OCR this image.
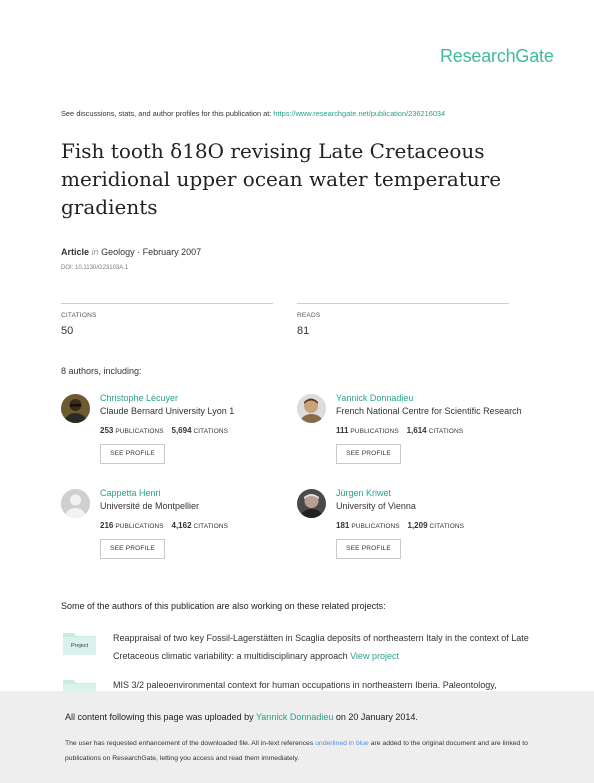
ResearchGate
See discussions, stats, and author profiles for this publication at: https://www.researchgate.net/publication/236216034
Fish tooth δ18O revising Late Cretaceous meridional upper ocean water temperature gradients
Article in Geology · February 2007
DOI: 10.1130/G23103A.1
CITATIONS
50
READS
81
8 authors, including:
Christophe Lécuyer
Claude Bernard University Lyon 1
253 PUBLICATIONS 5,694 CITATIONS
SEE PROFILE
Yannick Donnadieu
French National Centre for Scientific Research
111 PUBLICATIONS 1,614 CITATIONS
SEE PROFILE
Cappetta Henri
Université de Montpellier
216 PUBLICATIONS 4,162 CITATIONS
SEE PROFILE
Jürgen Kriwet
University of Vienna
181 PUBLICATIONS 1,209 CITATIONS
SEE PROFILE
Some of the authors of this publication are also working on these related projects:
Project
Reappraisal of two key Fossil-Lagerstätten in Scaglia deposits of northeastern Italy in the context of Late Cretaceous climatic variability: a multidisciplinary approach View project
MIS 3/2 paleoenvironmental context for human occupations in northeastern Iberia. Paleontology,
All content following this page was uploaded by Yannick Donnadieu on 20 January 2014.
The user has requested enhancement of the downloaded file. All in-text references underlined in blue are added to the original document and are linked to publications on ResearchGate, letting you access and read them immediately.
